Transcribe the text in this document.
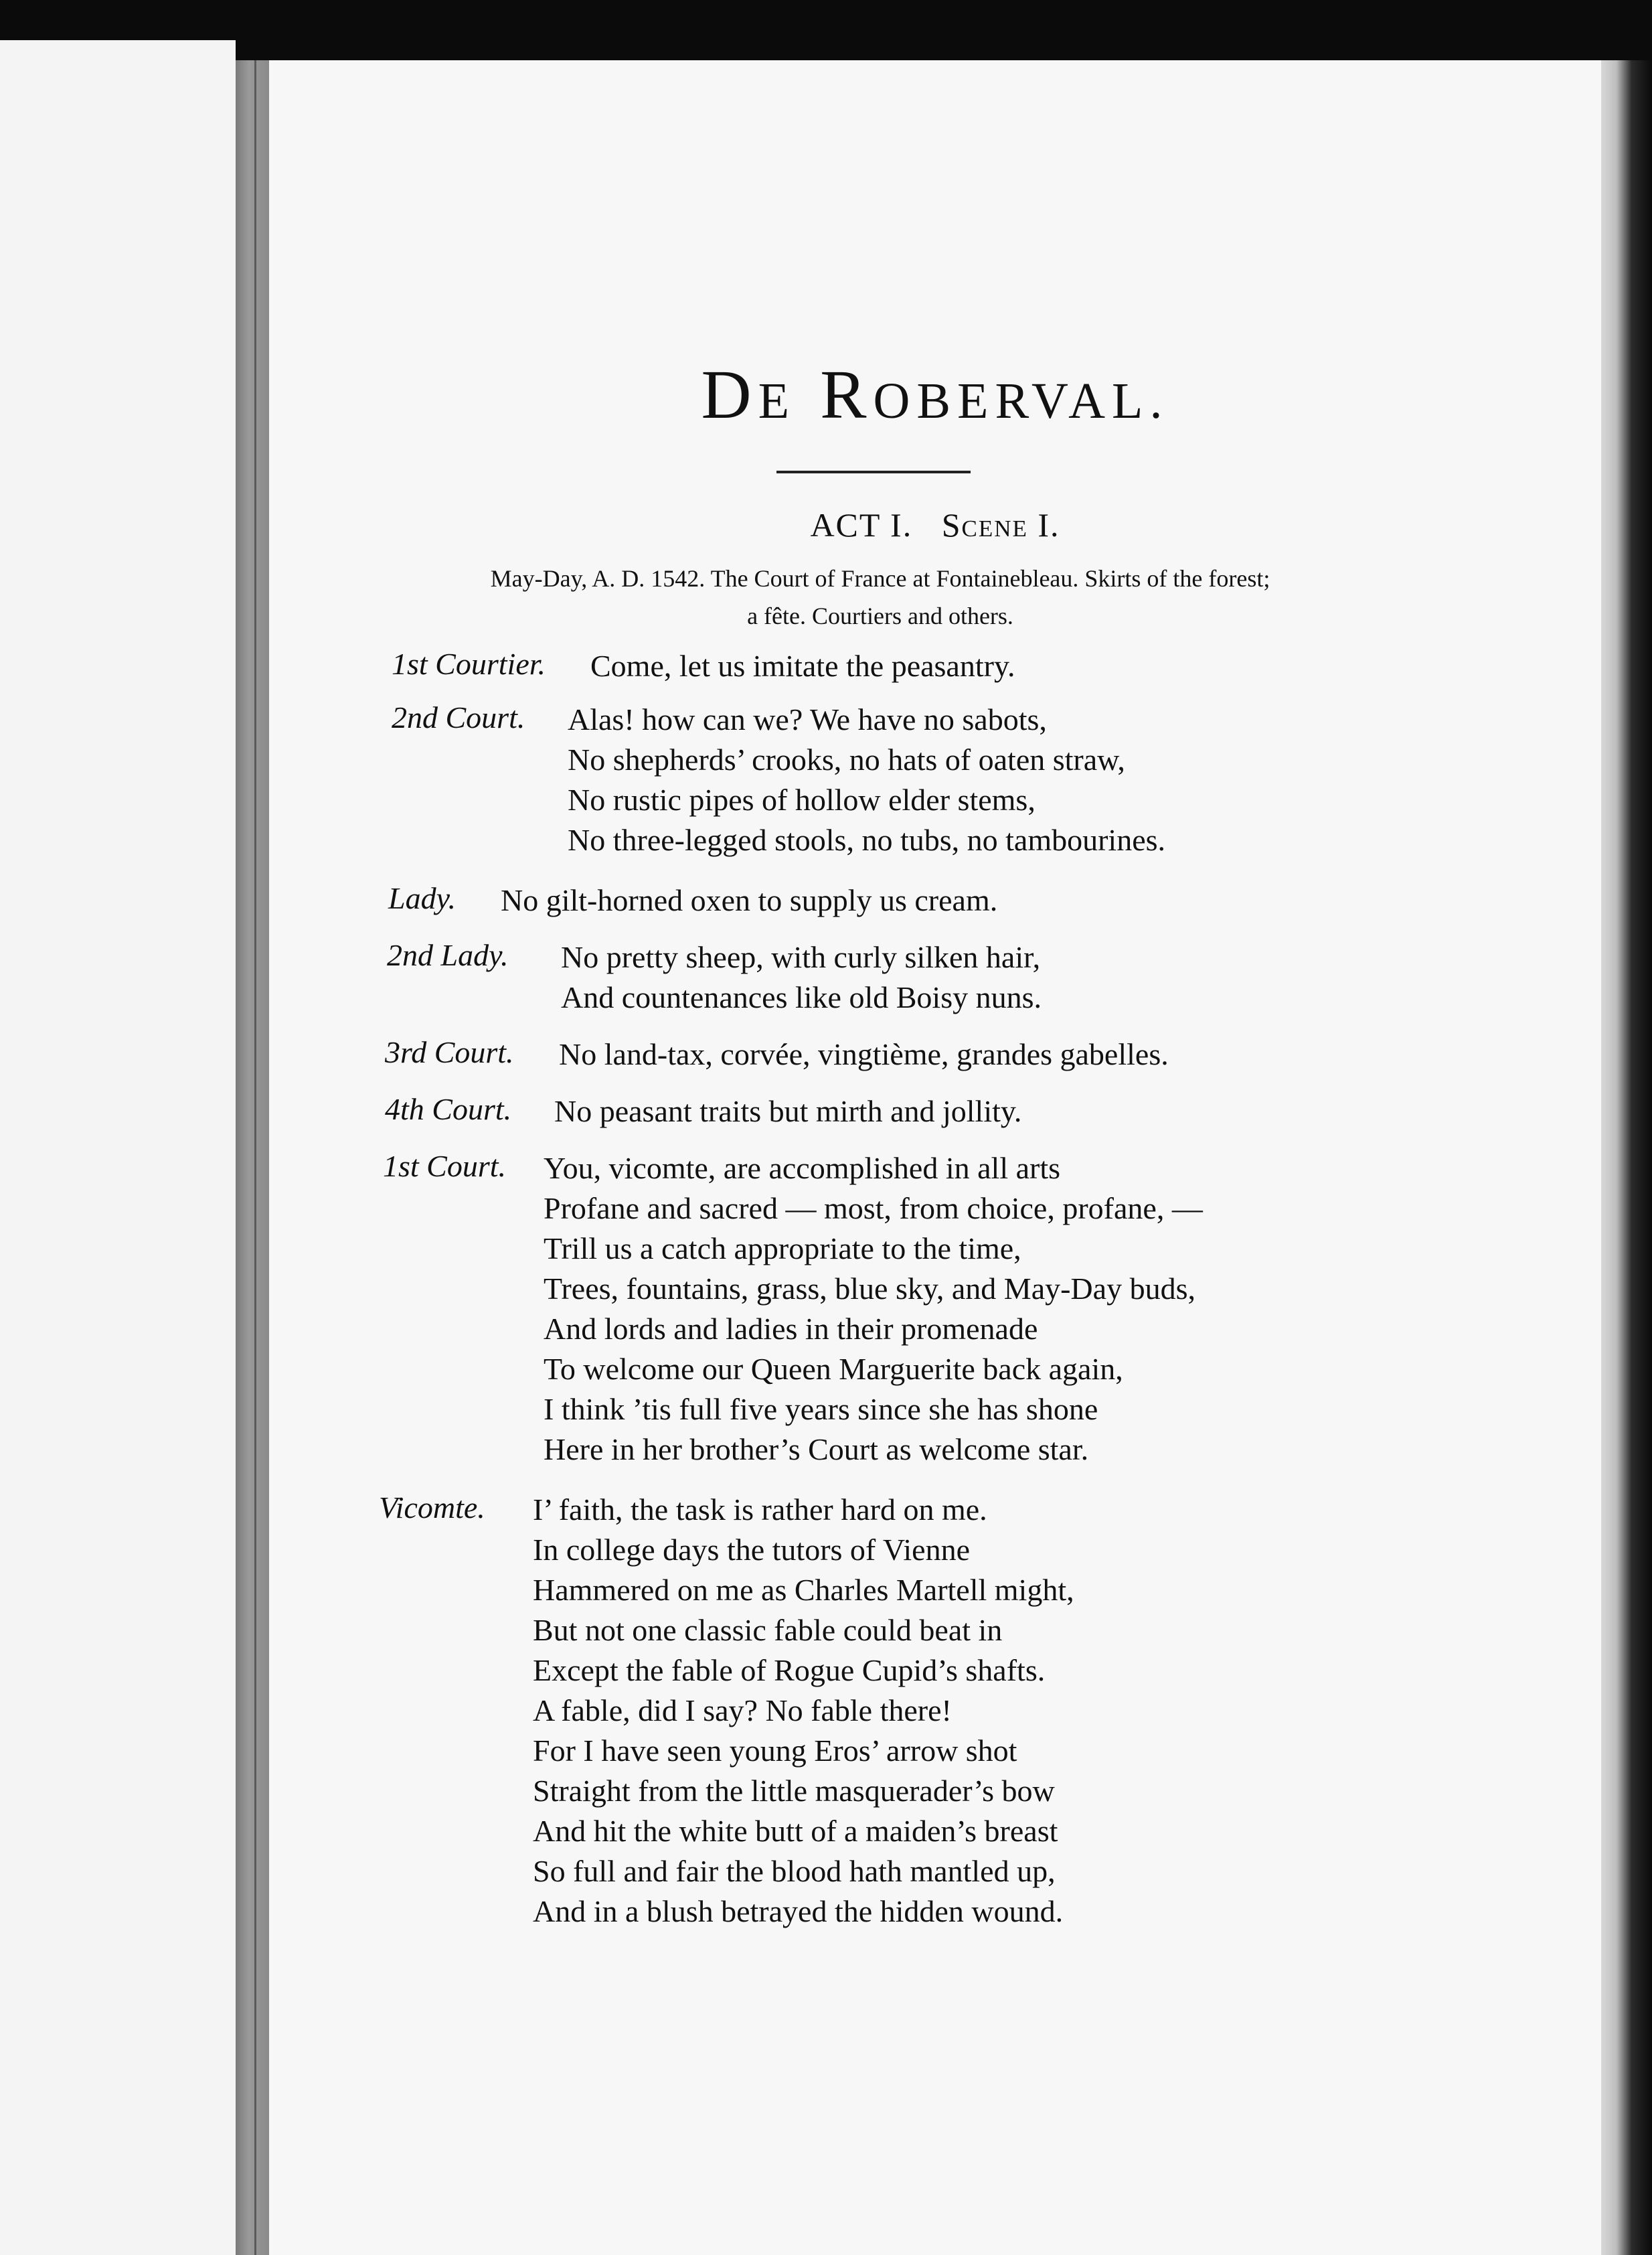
DE ROBERVAL.
ACT I. Scene I.
May-Day, A. D. 1542. The Court of France at Fontainebleau. Skirts of the forest;
a fête. Courtiers and others.
1st Courtier. Come, let us imitate the peasantry.
2nd Court. Alas! how can we? We have no sabots,
No shepherds’ crooks, no hats of oaten straw,
No rustic pipes of hollow elder stems,
No three-legged stools, no tubs, no tambourines.
Lady. No gilt-horned oxen to supply us cream.
2nd Lady. No pretty sheep, with curly silken hair,
And countenances like old Boisy nuns.
3rd Court. No land-tax, corvée, vingtième, grandes gabelles.
4th Court. No peasant traits but mirth and jollity.
1st Court. You, vicomte, are accomplished in all arts
Profane and sacred — most, from choice, profane, —
Trill us a catch appropriate to the time,
Trees, fountains, grass, blue sky, and May-Day buds,
And lords and ladies in their promenade
To welcome our Queen Marguerite back again,
I think ’tis full five years since she has shone
Here in her brother’s Court as welcome star.
Vicomte. I’ faith, the task is rather hard on me.
In college days the tutors of Vienne
Hammered on me as Charles Martell might,
But not one classic fable could beat in
Except the fable of Rogue Cupid’s shafts.
A fable, did I say? No fable there!
For I have seen young Eros’ arrow shot
Straight from the little masquerader’s bow
And hit the white butt of a maiden’s breast
So full and fair the blood hath mantled up,
And in a blush betrayed the hidden wound.
